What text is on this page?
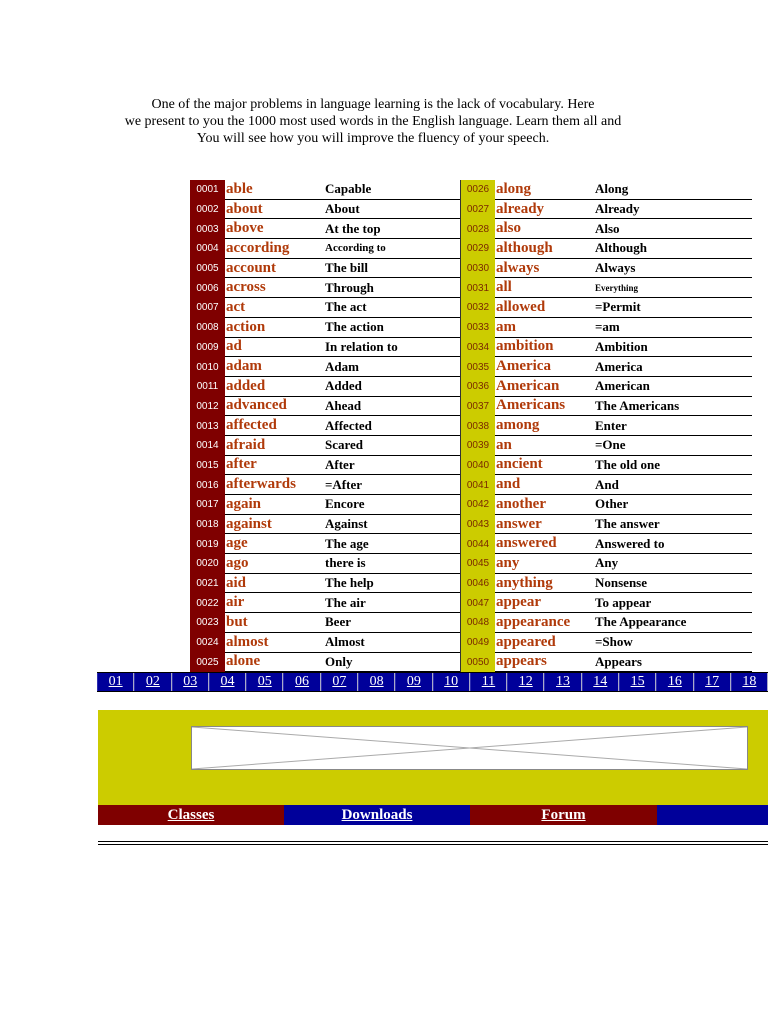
One of the major problems in language learning is the lack of vocabulary. Here

we present to you the 1000 most used words in the English language. Learn them all and

You will see how you will improve the fluency of your speech.

0001 able	Capable
0002 about	About
0003 above	At the top
0004 according	According to
0005 account	The bill
0006 across	Through
0007 act	The act
0008 action	The action
0009 ad	In relation to
0010 adam	Adam
0011 added	Added
0012 advanced	Ahead
0013 affected	Affected
0014 afraid	Scared
0015 after	After
0016 afterwards	=After
0017 again	Encore
0018 against	Against
0019 age	The age
0020 ago	there is
0021 aid	The help
0022 air	The air
0023 but	Beer
0024 almost	Almost
0025 alone	Only
0026 along	Along
0027 already	Already
0028 also	Also
0029 although	Although
0030 always	Always
0031 all	Everything
0032 allowed	=Permit
0033 am	=am
0034 ambition	Ambition
0035 America	America
0036 American	American
0037 Americans	The Americans
0038 among	Enter
0039 an	=One
0040 ancient	The old one
0041 and	And
0042 another	Other
0043 answer	The answer
0044 answered	Answered to
0045 any	Any
0046 anything	Nonsense
0047 appear	To appear
0048 appearance	The Appearance
0049 appeared	=Show
0050 appears	Appears
01	02	03	04	05	06	07	08	09	10	11	12	13	14	15	16	17	18
Classes	Downloads	Forum
